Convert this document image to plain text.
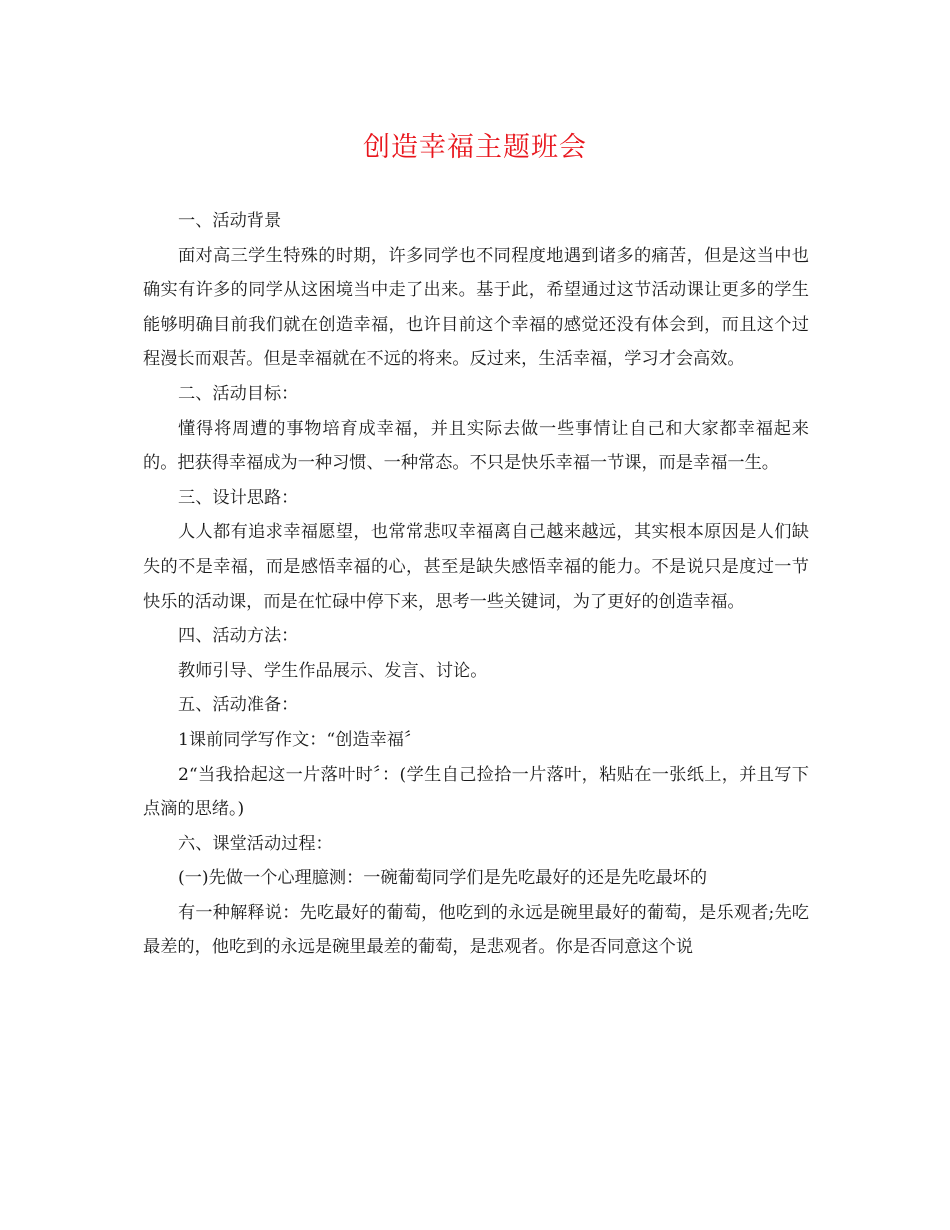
创造幸福主题班会

一、活动背景

面对高三学生特殊的时期，许多同学也不同程度地遇到诸多的痛苦，但是这当中也确实有许多的同学从这困境当中走了出来。基于此，希望通过这节活动课让更多的学生能够明确目前我们就在创造幸福，也许目前这个幸福的感觉还没有体会到，而且这个过程漫长而艰苦。但是幸福就在不远的将来。反过来，生活幸福，学习才会高效。

二、活动目标：

懂得将周遭的事物培育成幸福，并且实际去做一些事情让自己和大家都幸福起来的。把获得幸福成为一种习惯、一种常态。不只是快乐幸福一节课，而是幸福一生。

三、设计思路：

人人都有追求幸福愿望，也常常悲叹幸福离自己越来越远，其实根本原因是人们缺失的不是幸福，而是感悟幸福的心，甚至是缺失感悟幸福的能力。不是说只是度过一节快乐的活动课，而是在忙碌中停下来，思考一些关键词，为了更好的创造幸福。

四、活动方法：

教师引导、学生作品展示、发言、讨论。

五、活动准备：

1课前同学写作文：“创造幸福〞

2“当我拾起这一片落叶时〞：(学生自己捡拾一片落叶，粘贴在一张纸上，并且写下点滴的思绪。)

六、课堂活动过程：

(一)先做一个心理臆测：一碗葡萄同学们是先吃最好的还是先吃最坏的

有一种解释说：先吃最好的葡萄，他吃到的永远是碗里最好的葡萄，是乐观者;先吃最差的，他吃到的永远是碗里最差的葡萄，是悲观者。你是否同意这个说
